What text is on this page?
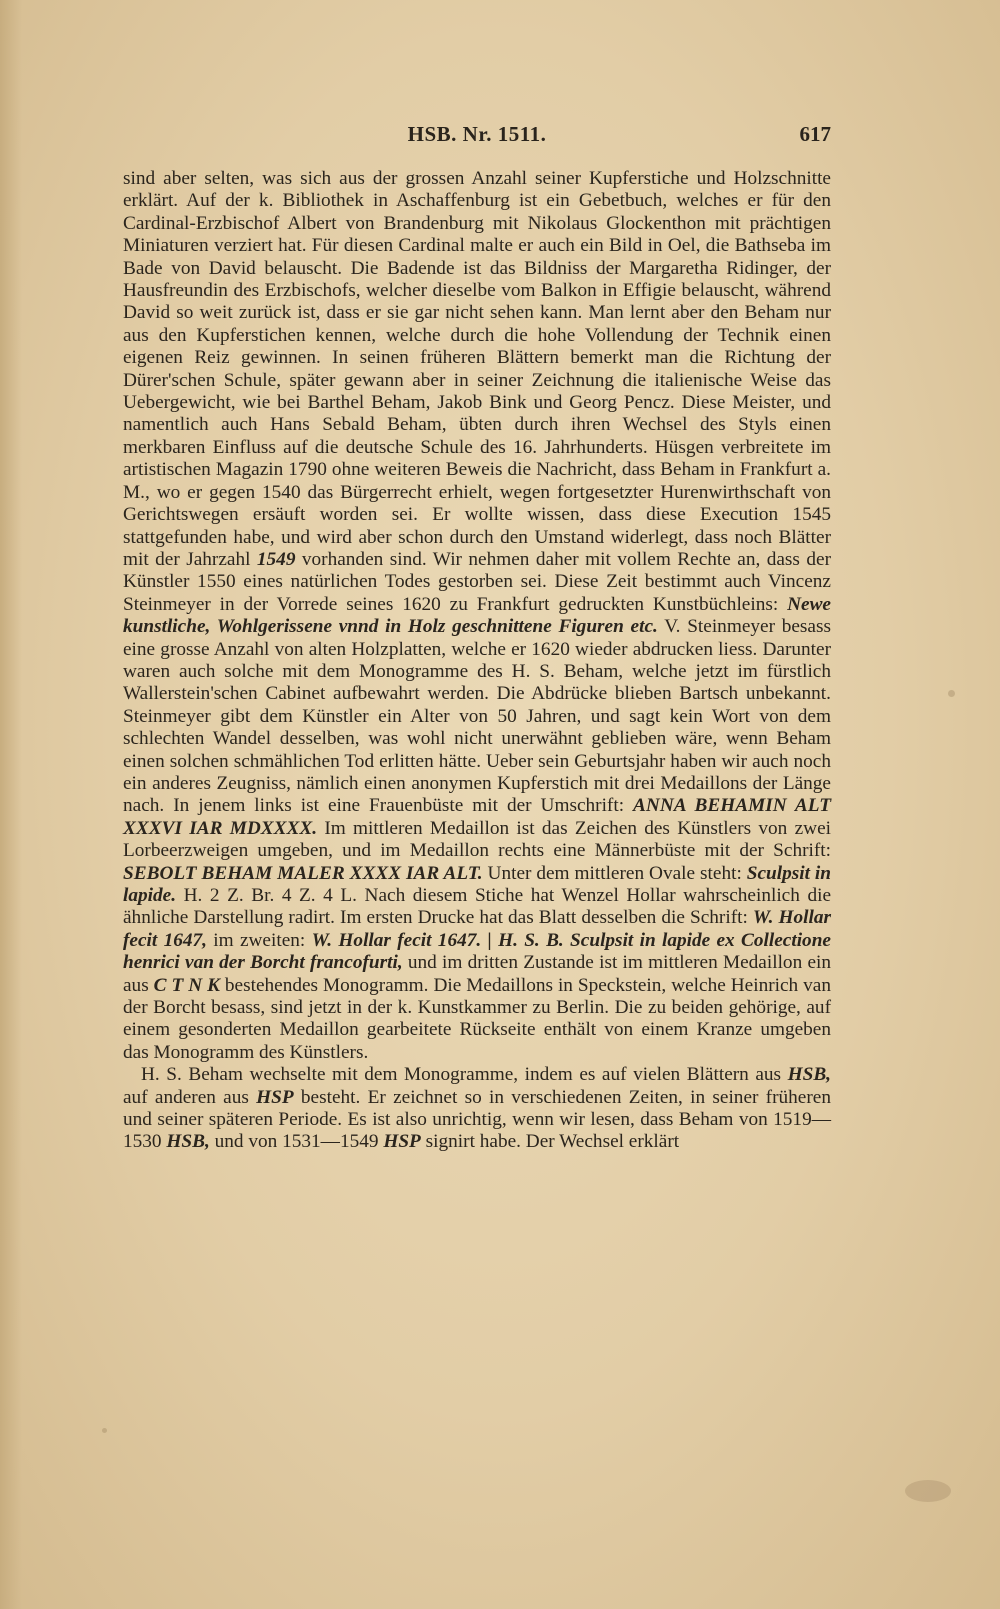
HSB. Nr. 1511.	617

sind aber selten, was sich aus der grossen Anzahl seiner Kupferstiche und Holzschnitte erklärt. Auf der k. Bibliothek in Aschaffenburg ist ein Gebetbuch, welches er für den Cardinal-Erzbischof Albert von Brandenburg mit Nikolaus Glockenthon mit prächtigen Miniaturen verziert hat. Für diesen Cardinal malte er auch ein Bild in Oel, die Bathseba im Bade von David belauscht. Die Badende ist das Bildniss der Margaretha Ridinger, der Hausfreundin des Erzbischofs, welcher dieselbe vom Balkon in Effigie belauscht, während David so weit zurück ist, dass er sie gar nicht sehen kann. Man lernt aber den Beham nur aus den Kupferstichen kennen, welche durch die hohe Vollendung der Technik einen eigenen Reiz gewinnen. In seinen früheren Blättern bemerkt man die Richtung der Dürer'schen Schule, später gewann aber in seiner Zeichnung die italienische Weise das Uebergewicht, wie bei Barthel Beham, Jakob Bink und Georg Pencz. Diese Meister, und namentlich auch Hans Sebald Beham, übten durch ihren Wechsel des Styls einen merkbaren Einfluss auf die deutsche Schule des 16. Jahrhunderts. Hüsgen verbreitete im artistischen Magazin 1790 ohne weiteren Beweis die Nachricht, dass Beham in Frankfurt a. M., wo er gegen 1540 das Bürgerrecht erhielt, wegen fortgesetzter Hurenwirthschaft von Gerichtswegen ersäuft worden sei. Er wollte wissen, dass diese Execution 1545 stattgefunden habe, und wird aber schon durch den Umstand widerlegt, dass noch Blätter mit der Jahrzahl 1549 vorhanden sind. Wir nehmen daher mit vollem Rechte an, dass der Künstler 1550 eines natürlichen Todes gestorben sei. Diese Zeit bestimmt auch Vincenz Steinmeyer in der Vorrede seines 1620 zu Frankfurt gedruckten Kunstbüchleins: Newe kunstliche, Wohlgerissene vnnd in Holz geschnittene Figuren etc. V. Steinmeyer besass eine grosse Anzahl von alten Holzplatten, welche er 1620 wieder abdrucken liess. Darunter waren auch solche mit dem Monogramme des H. S. Beham, welche jetzt im fürstlich Wallerstein'schen Cabinet aufbewahrt werden. Die Abdrücke blieben Bartsch unbekannt. Steinmeyer gibt dem Künstler ein Alter von 50 Jahren, und sagt kein Wort von dem schlechten Wandel desselben, was wohl nicht unerwähnt geblieben wäre, wenn Beham einen solchen schmählichen Tod erlitten hätte. Ueber sein Geburtsjahr haben wir auch noch ein anderes Zeugniss, nämlich einen anonymen Kupferstich mit drei Medaillons der Länge nach. In jenem links ist eine Frauenbüste mit der Umschrift: ANNA BEHAMIN ALT XXXVI IAR MDXXXX. Im mittleren Medaillon ist das Zeichen des Künstlers von zwei Lorbeerzweigen umgeben, und im Medaillon rechts eine Männerbüste mit der Schrift: SEBOLT BEHAM MALER XXXX IAR ALT. Unter dem mittleren Ovale steht: Sculpsit in lapide. H. 2 Z. Br. 4 Z. 4 L. Nach diesem Stiche hat Wenzel Hollar wahrscheinlich die ähnliche Darstellung radirt. Im ersten Drucke hat das Blatt desselben die Schrift: W. Hollar fecit 1647, im zweiten: W. Hollar fecit 1647. | H. S. B. Sculpsit in lapide ex Collectione henrici van der Borcht francofurti, und im dritten Zustande ist im mittleren Medaillon ein aus C T N K bestehendes Monogramm. Die Medaillons in Speckstein, welche Heinrich van der Borcht besass, sind jetzt in der k. Kunstkammer zu Berlin. Die zu beiden gehörige, auf einem gesonderten Medaillon gearbeitete Rückseite enthält von einem Kranze umgeben das Monogramm des Künstlers.

H. S. Beham wechselte mit dem Monogramme, indem es auf vielen Blättern aus HSB, auf anderen aus HSP besteht. Er zeichnet so in verschiedenen Zeiten, in seiner früheren und seiner späteren Periode. Es ist also unrichtig, wenn wir lesen, dass Beham von 1519—1530 HSB, und von 1531—1549 HSP signirt habe. Der Wechsel erklärt
